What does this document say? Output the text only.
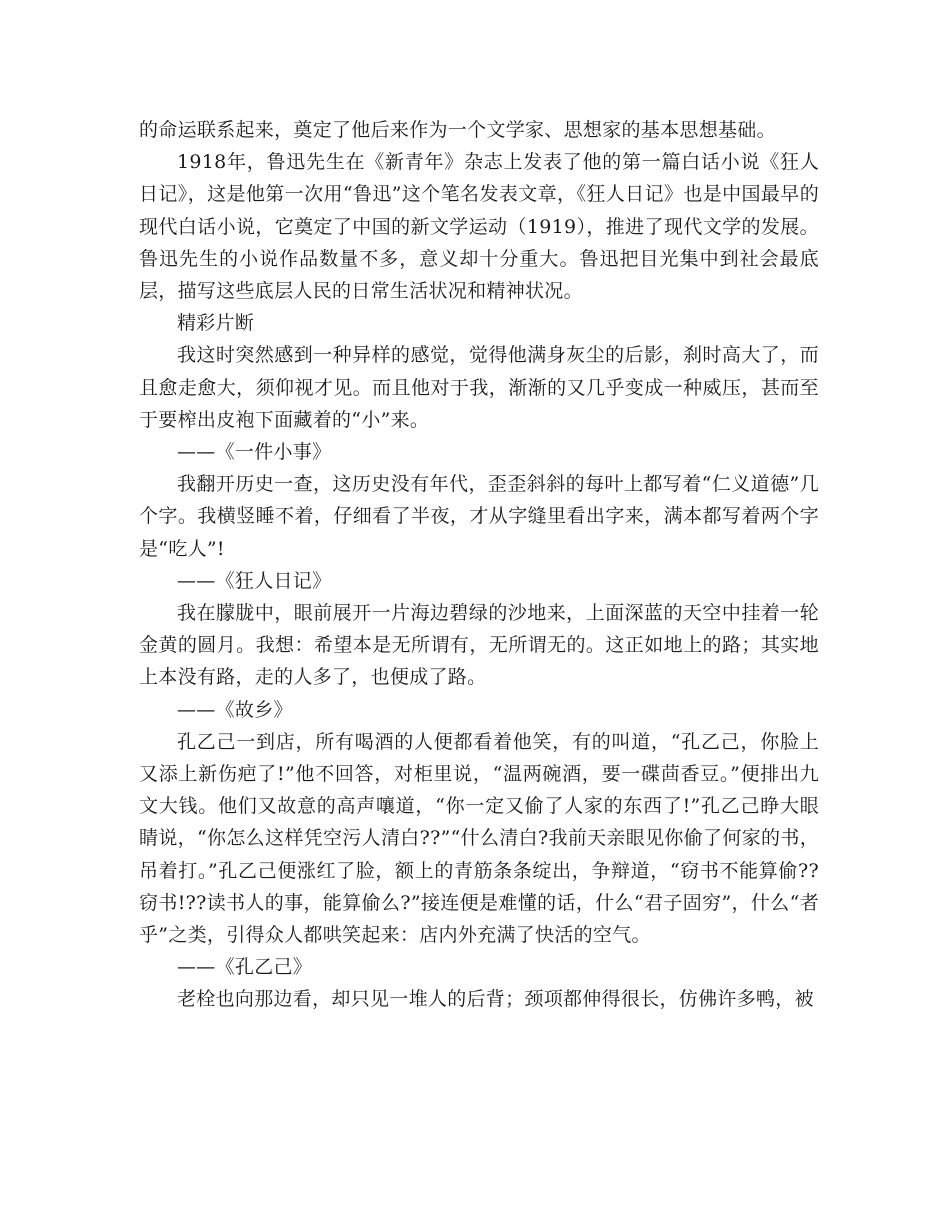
的命运联系起来，奠定了他后来作为一个文学家、思想家的基本思想基础。

1918年，鲁迅先生在《新青年》杂志上发表了他的第一篇白话小说《狂人日记》，这是他第一次用“鲁迅”这个笔名发表文章，《狂人日记》也是中国最早的现代白话小说，它奠定了中国的新文学运动（1919），推进了现代文学的发展。鲁迅先生的小说作品数量不多，意义却十分重大。鲁迅把目光集中到社会最底层，描写这些底层人民的日常生活状况和精神状况。

精彩片断

我这时突然感到一种异样的感觉，觉得他满身灰尘的后影，刹时高大了，而且愈走愈大，须仰视才见。而且他对于我，渐渐的又几乎变成一种威压，甚而至于要榨出皮袍下面藏着的“小”来。

——《一件小事》

我翻开历史一查，这历史没有年代，歪歪斜斜的每叶上都写着“仁义道德”几个字。我横竖睡不着，仔细看了半夜，才从字缝里看出字来，满本都写着两个字是“吃人”!

——《狂人日记》

我在朦胧中，眼前展开一片海边碧绿的沙地来，上面深蓝的天空中挂着一轮金黄的圆月。我想：希望本是无所谓有，无所谓无的。这正如地上的路；其实地上本没有路，走的人多了，也便成了路。

——《故乡》

孔乙己一到店，所有喝酒的人便都看着他笑，有的叫道，“孔乙己，你脸上又添上新伤疤了!”他不回答，对柜里说，“温两碗酒，要一碟茴香豆。”便排出九文大钱。他们又故意的高声嚷道，“你一定又偷了人家的东西了!”孔乙己睁大眼睛说，“你怎么这样凭空污人清白??”“什么清白?我前天亲眼见你偷了何家的书，吊着打。”孔乙己便涨红了脸，额上的青筋条条绽出，争辩道，“窃书不能算偷??窃书!??读书人的事，能算偷么?”接连便是难懂的话，什么“君子固穷”，什么“者乎”之类，引得众人都哄笑起来：店内外充满了快活的空气。

——《孔乙己》

老栓也向那边看，却只见一堆人的后背；颈项都伸得很长，仿佛许多鸭，被
